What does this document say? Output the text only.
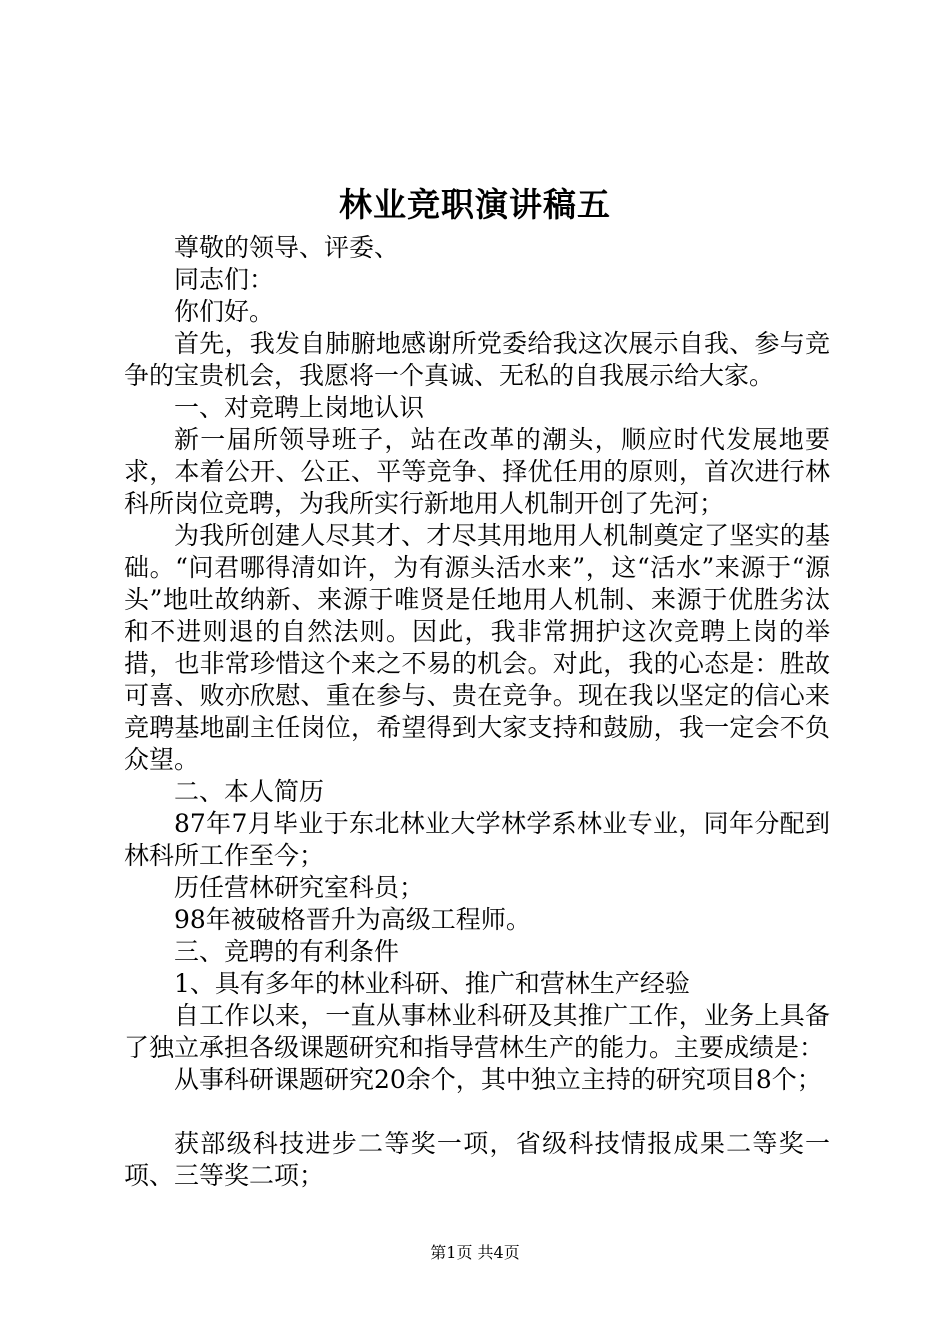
林业竞职演讲稿五

尊敬的领导、评委、

同志们：

你们好。

首先，我发自肺腑地感谢所党委给我这次展示自我、参与竞争的宝贵机会，我愿将一个真诚、无私的自我展示给大家。

一、对竞聘上岗地认识

新一届所领导班子，站在改革的潮头，顺应时代发展地要求，本着公开、公正、平等竞争、择优任用的原则，首次进行林科所岗位竞聘，为我所实行新地用人机制开创了先河；

为我所创建人尽其才、才尽其用地用人机制奠定了坚实的基础。“问君哪得清如许，为有源头活水来”，这“活水”来源于“源头”地吐故纳新、来源于唯贤是任地用人机制、来源于优胜劣汰和不进则退的自然法则。因此，我非常拥护这次竞聘上岗的举措，也非常珍惜这个来之不易的机会。对此，我的心态是：胜故可喜、败亦欣慰、重在参与、贵在竞争。现在我以坚定的信心来竞聘基地副主任岗位，希望得到大家支持和鼓励，我一定会不负众望。

二、本人简历

87年7月毕业于东北林业大学林学系林业专业，同年分配到林科所工作至今；

历任营林研究室科员；

98年被破格晋升为高级工程师。

三、竞聘的有利条件

1、具有多年的林业科研、推广和营林生产经验

自工作以来，一直从事林业科研及其推广工作，业务上具备了独立承担各级课题研究和指导营林生产的能力。主要成绩是：

从事科研课题研究20余个，其中独立主持的研究项目8个；

获部级科技进步二等奖一项，省级科技情报成果二等奖一项、三等奖二项；

第1页 共4页
